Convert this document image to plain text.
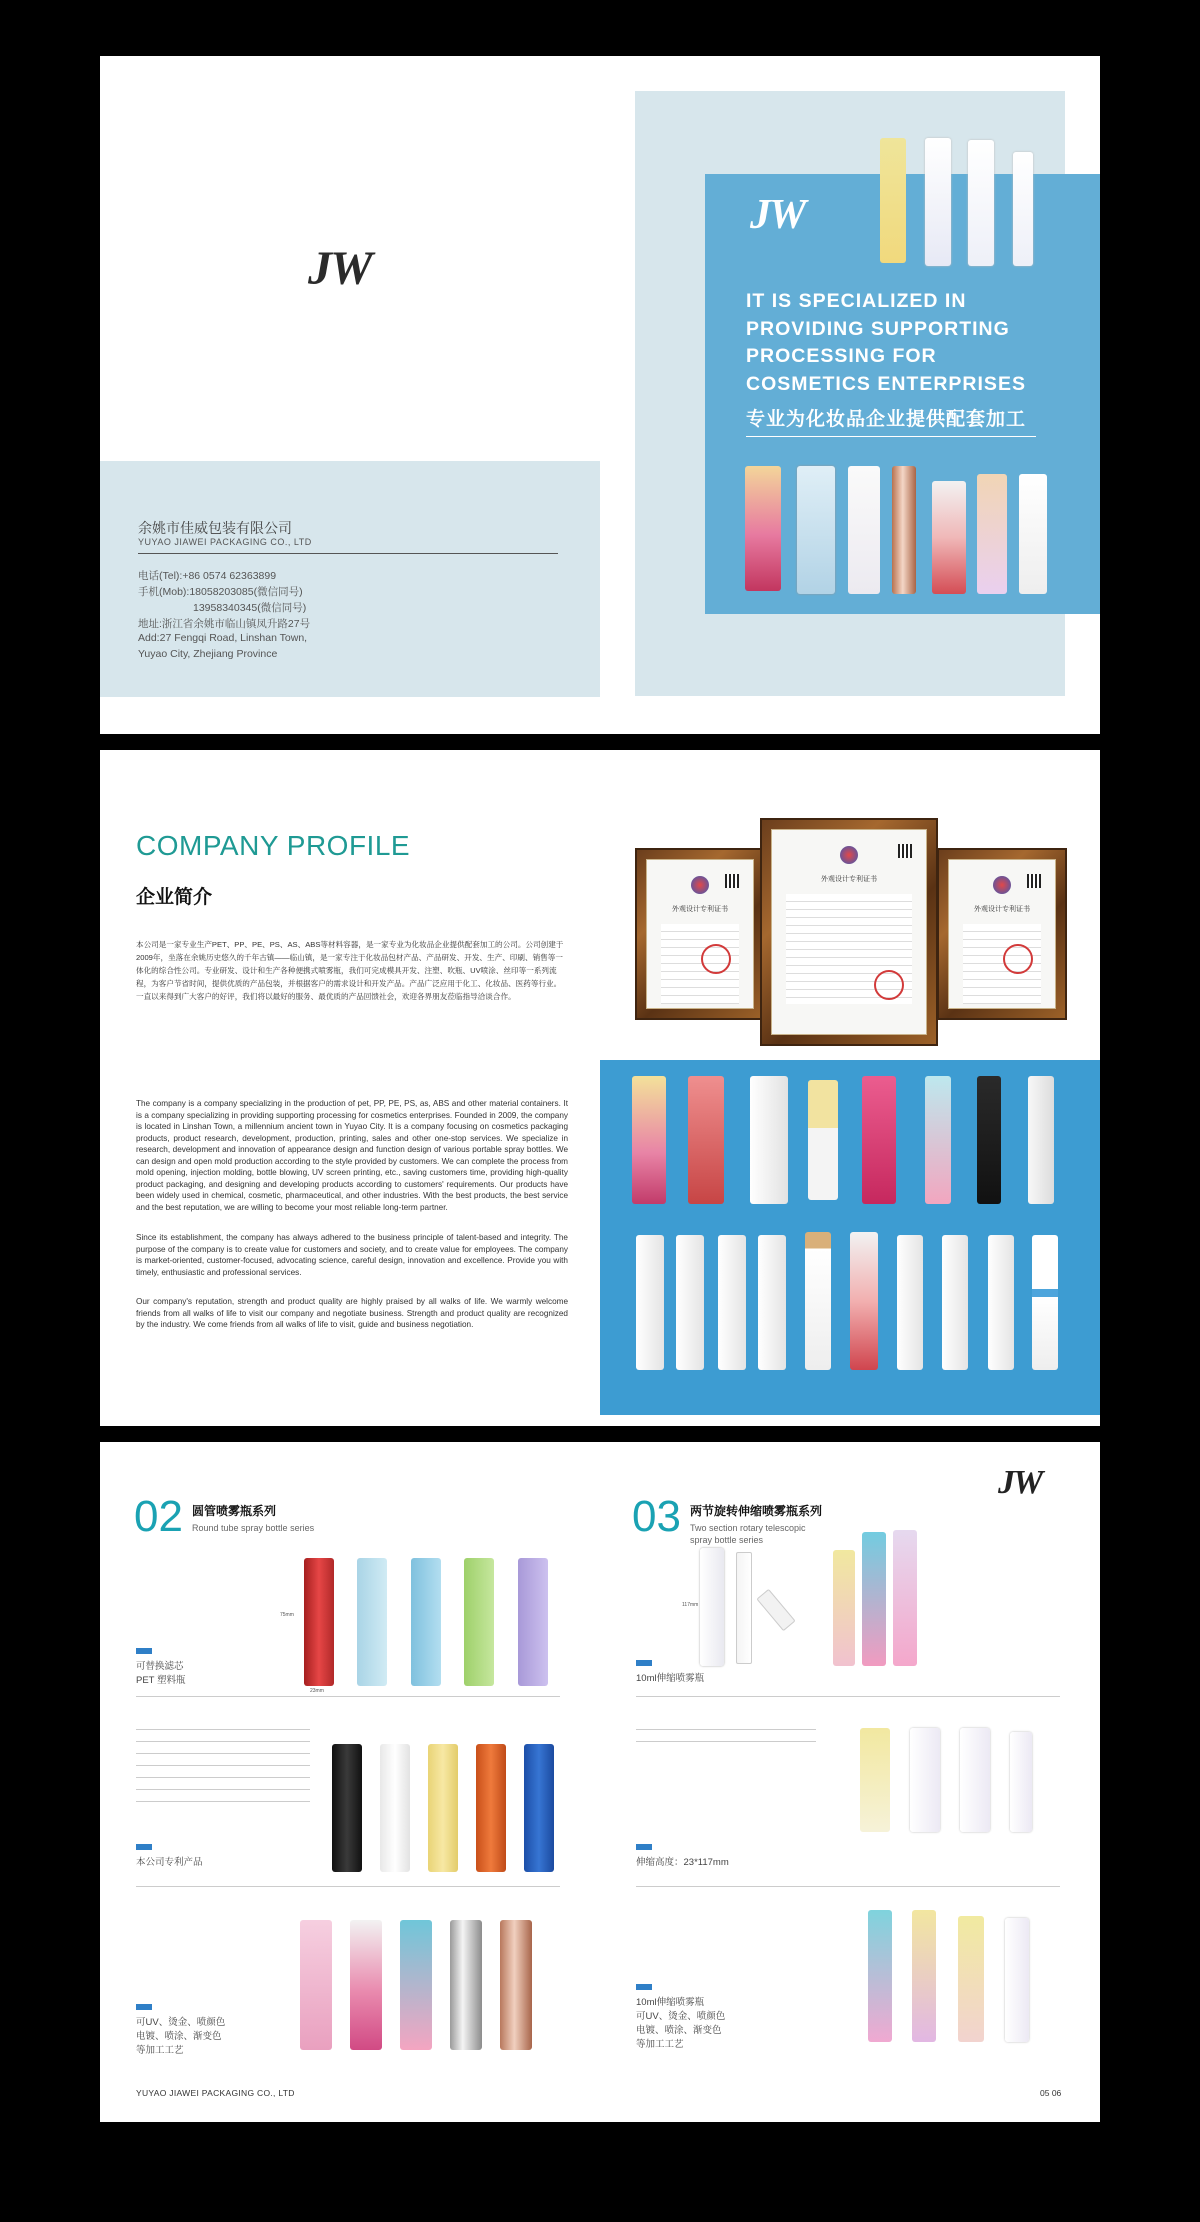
JW
余姚市佳威包装有限公司
YUYAO JIAWEI PACKAGING CO., LTD
电话(Tel):+86 0574 62363899
手机(Mob):18058203085(微信同号)
13958340345(微信同号)
地址:浙江省余姚市临山镇凤升路27号
Add:27 Fengqi Road, Linshan Town,
Yuyao City, Zhejiang Province
JW
IT IS SPECIALIZED IN
PROVIDING SUPPORTING
PROCESSING FOR
COSMETICS ENTERPRISES
专业为化妆品企业提供配套加工
COMPANY PROFILE
企业简介
本公司是一家专业生产PET、PP、PE、PS、AS、ABS等材料容器，是一家专业为化妆品企业提供配套加工的公司。公司创建于2009年，坐落在余姚历史悠久的千年古镇——临山镇，是一家专注于化妆品包材产品、产品研发、开发、生产、印刷、销售等一体化的综合性公司。专业研发、设计和生产各种便携式喷雾瓶，我们可完成模具开发、注塑、吹瓶、UV喷涂、丝印等一系列流程，为客户节省时间，提供优质的产品包装，并根据客户的需求设计和开发产品。产品广泛应用于化工、化妆品、医药等行业。一直以来得到广大客户的好评，我们将以最好的服务、最优质的产品回馈社会，欢迎各界朋友莅临指导洽谈合作。
The company is a company specializing in the production of pet, PP, PE, PS, as, ABS and other material containers. It is a company specializing in providing supporting processing for cosmetics enterprises. Founded in 2009, the company is located in Linshan Town, a millennium ancient town in Yuyao City. It is a company focusing on cosmetics packaging products, product research, development, production, printing, sales and other one-stop services. We specialize in research, development and innovation of appearance design and function design of various portable spray bottles. We can design and open mold production according to the style provided by customers. We can complete the process from mold opening, injection molding, bottle blowing, UV screen printing, etc., saving customers time, providing high-quality product packaging, and designing and developing products according to customers' requirements. Our products have been widely used in chemical, cosmetic, pharmaceutical, and other industries. With the best products, the best service and the best reputation, we are willing to become your most reliable long-term partner.
Since its establishment, the company has always adhered to the business principle of talent-based and integrity. The purpose of the company is to create value for customers and society, and to create value for employees. The company is market-oriented, customer-focused, advocating science, careful design, innovation and excellence. Provide you with timely, enthusiastic and professional services.
Our company's reputation, strength and product quality are highly praised by all walks of life. We warmly welcome friends from all walks of life to visit our company and negotiate business. Strength and product quality are recognized by the industry. We come friends from all walks of life to visit, guide and business negotiation.
外观设计专利证书	外观设计专利证书
外观设计专利证书
JW
02 圆管喷雾瓶系列
Round tube spray bottle series
75mm
23mm
可替换滤芯
PET 塑料瓶

本公司专利产品
可UV、烫金、喷颜色
电镀、喷涂、渐变色
等加工工艺
03 两节旋转伸缩喷雾瓶系列
Two section rotary telescopic
spray bottle series
117mm
10ml伸缩喷雾瓶

伸缩高度：23*117mm
10ml伸缩喷雾瓶
可UV、烫金、喷颜色
电镀、喷涂、渐变色
等加工工艺
YUYAO JIAWEI PACKAGING CO., LTD	05 06
